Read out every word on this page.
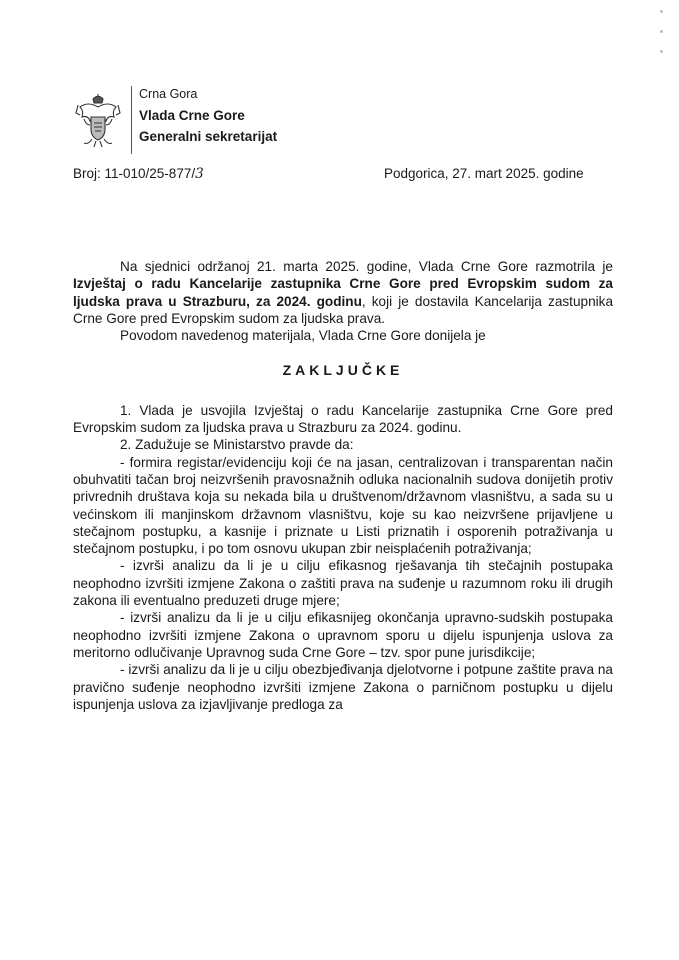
Crna Gora
Vlada Crne Gore
Generalni sekretarijat
Broj: 11-010/25-877/3	Podgorica, 27. mart 2025. godine

Na sjednici održanoj 21. marta 2025. godine, Vlada Crne Gore razmotrila je Izvještaj o radu Kancelarije zastupnika Crne Gore pred Evropskim sudom za ljudska prava u Strazburu, za 2024. godinu, koji je dostavila Kancelarija zastupnika Crne Gore pred Evropskim sudom za ljudska prava.

Povodom navedenog materijala, Vlada Crne Gore donijela je

ZAKLJUČKE

1. Vlada je usvojila Izvještaj o radu Kancelarije zastupnika Crne Gore pred Evropskim sudom za ljudska prava u Strazburu za 2024. godinu.

2. Zadužuje se Ministarstvo pravde da:

- formira registar/evidenciju koji će na jasan, centralizovan i transparentan način obuhvatiti tačan broj neizvršenih pravosnažnih odluka nacionalnih sudova donijetih protiv privrednih društava koja su nekada bila u društvenom/državnom vlasništvu, a sada su u većinskom ili manjinskom državnom vlasništvu, koje su kao neizvršene prijavljene u stečajnom postupku, a kasnije i priznate u Listi priznatih i osporenih potraživanja u stečajnom postupku, i po tom osnovu ukupan zbir neisplaćenih potraživanja;

- izvrši analizu da li je u cilju efikasnog rješavanja tih stečajnih postupaka neophodno izvršiti izmjene Zakona o zaštiti prava na suđenje u razumnom roku ili drugih zakona ili eventualno preduzeti druge mjere;

- izvrši analizu da li je u cilju efikasnijeg okončanja upravno-sudskih postupaka neophodno izvršiti izmjene Zakona o upravnom sporu u dijelu ispunjenja uslova za meritorno odlučivanje Upravnog suda Crne Gore – tzv. spor pune jurisdikcije;

- izvrši analizu da li je u cilju obezbjeđivanja djelotvorne i potpune zaštite prava na pravično suđenje neophodno izvršiti izmjene Zakona o parničnom postupku u dijelu ispunjenja uslova za izjavljivanje predloga za
